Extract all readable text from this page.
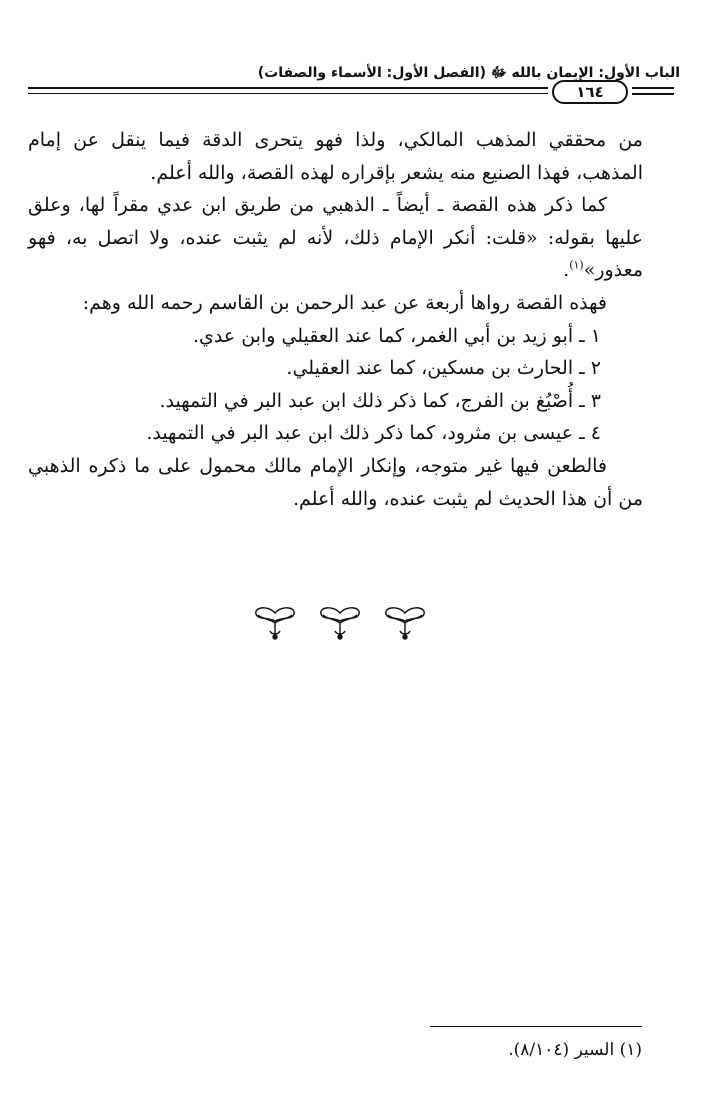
الباب الأول: الإيمان بالله ﷻ (الفصل الأول: الأسماء والصفات)
١٦٤

من محققي المذهب المالكي، ولذا فهو يتحرى الدقة فيما ينقل عن إمام المذهب، فهذا الصنيع منه يشعر بإقراره لهذه القصة، والله أعلم.

كما ذكر هذه القصة ـ أيضاً ـ الذهبي من طريق ابن عدي مقراً لها، وعلق عليها بقوله: «قلت: أنكر الإمام ذلك، لأنه لم يثبت عنده، ولا اتصل به، فهو معذور»$^{(١)}$.

فهذه القصة رواها أربعة عن عبد الرحمن بن القاسم رحمه الله وهم:

١ ـ أبو زيد بن أبي الغمر، كما عند العقيلي وابن عدي.

٢ ـ الحارث بن مسكين، كما عند العقيلي.

٣ ـ أُصْبُغ بن الفرج، كما ذكر ذلك ابن عبد البر في التمهيد.

٤ ـ عيسى بن مثرود، كما ذكر ذلك ابن عبد البر في التمهيد.

فالطعن فيها غير متوجه، وإنكار الإمام مالك محمول على ما ذكره الذهبي من أن هذا الحديث لم يثبت عنده، والله أعلم.

(١) السير (٨/١٠٤).
